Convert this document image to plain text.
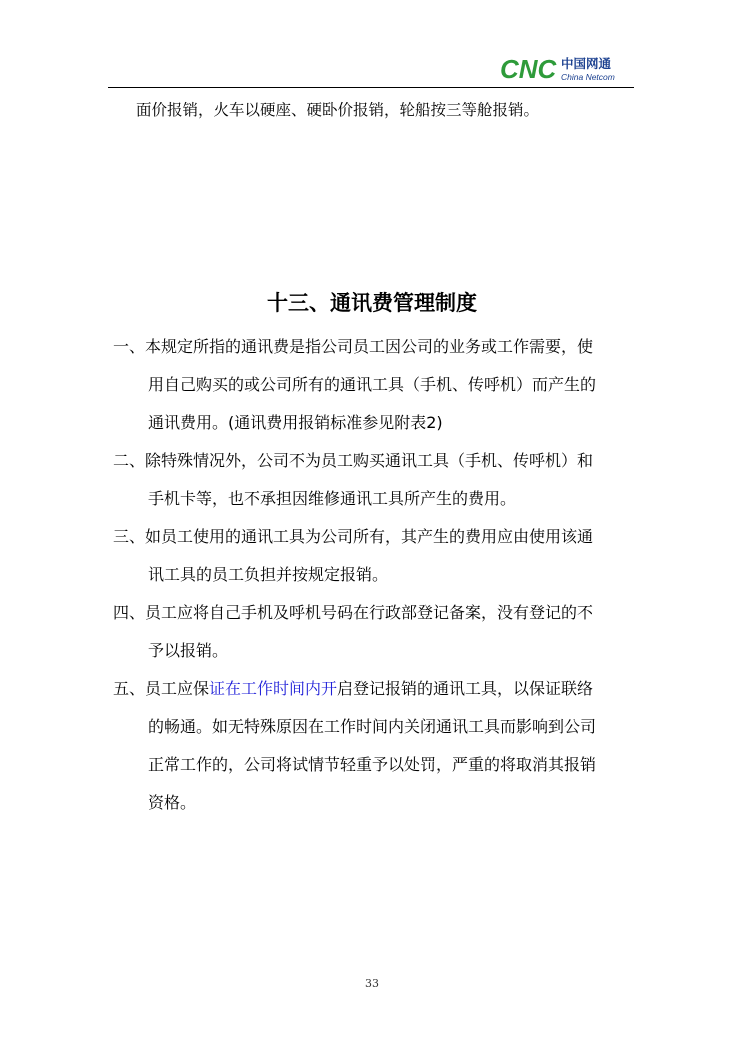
CNC 中国网通
China Netcom
面价报销，火车以硬座、硬卧价报销，轮船按三等舱报销。
十三、通讯费管理制度
一、本规定所指的通讯费是指公司员工因公司的业务或工作需要，使
用自己购买的或公司所有的通讯工具（手机、传呼机）而产生的
通讯费用。(通讯费用报销标准参见附表2)
二、除特殊情况外，公司不为员工购买通讯工具（手机、传呼机）和
手机卡等，也不承担因维修通讯工具所产生的费用。
三、如员工使用的通讯工具为公司所有，其产生的费用应由使用该通
讯工具的员工负担并按规定报销。
四、员工应将自己手机及呼机号码在行政部登记备案，没有登记的不
予以报销。
五、员工应保证在工作时间内开启登记报销的通讯工具，以保证联络
的畅通。如无特殊原因在工作时间内关闭通讯工具而影响到公司
正常工作的，公司将试情节轻重予以处罚，严重的将取消其报销
资格。
33
